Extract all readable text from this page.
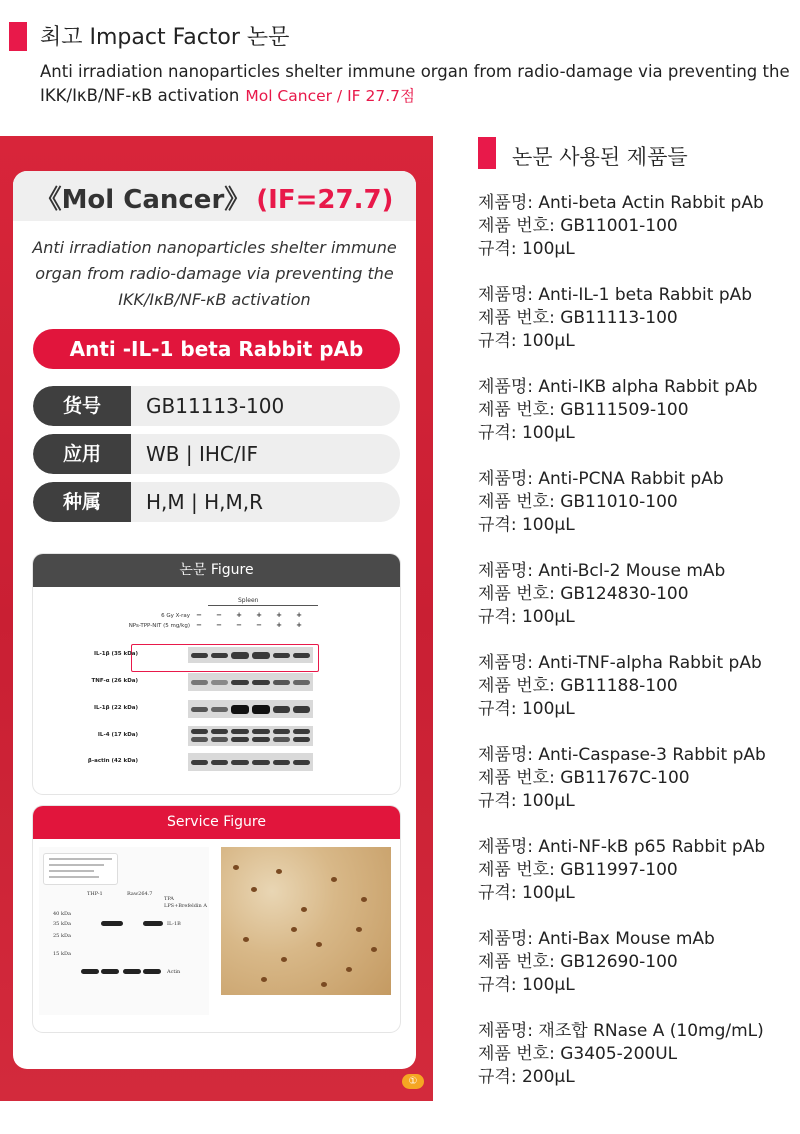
최고 Impact Factor 논문
Anti irradiation nanoparticles shelter immune organ from radio-damage via preventing the IKK/IκB/NF-κB activation Mol Cancer / IF 27.7점
《Mol Cancer》 (IF=27.7)
Anti irradiation nanoparticles shelter immune organ from radio-damage via preventing the IKK/IκB/NF-κB activation
Anti -IL-1 beta Rabbit pAb
货号	GB11113-100
应用	WB | IHC/IF
种属	H,M | H,M,R
논문 Figure
Spleen
6 Gy X-ray
NPs-TPP-NIT (5 mg/kg)
−	−	+	+	+	+
−	−	−	−	+	+
IL-1β (35 kDa)
TNF-α (26 kDa)
IL-1β (22 kDa)
IL-4 (17 kDa)
β-actin (42 kDa)
Service Figure
THP-1	Raw264.7
TPA
LPS+Brefeldin A
40 kDa
35 kDa
25 kDa
15 kDa
IL-1B
Actin
①
논문 사용된 제품들
제품명: Anti-beta Actin Rabbit pAb
제품 번호: GB11001-100
규격: 100μL
제품명: Anti-IL-1 beta Rabbit pAb
제품 번호: GB11113-100
규격: 100μL
제품명: Anti-IKB alpha Rabbit pAb
제품 번호: GB111509-100
규격: 100μL
제품명: Anti-PCNA Rabbit pAb
제품 번호: GB11010-100
규격: 100μL
제품명: Anti-Bcl-2 Mouse mAb
제품 번호: GB124830-100
규격: 100μL
제품명: Anti-TNF-alpha Rabbit pAb
제품 번호: GB11188-100
규격: 100μL
제품명: Anti-Caspase-3 Rabbit pAb
제품 번호: GB11767C-100
규격: 100μL
제품명: Anti-NF-kB p65 Rabbit pAb
제품 번호: GB11997-100
규격: 100μL
제품명: Anti-Bax Mouse mAb
제품 번호: GB12690-100
규격: 100μL
제품명: 재조합 RNase A (10mg/mL)
제품 번호: G3405-200UL
규격: 200μL
